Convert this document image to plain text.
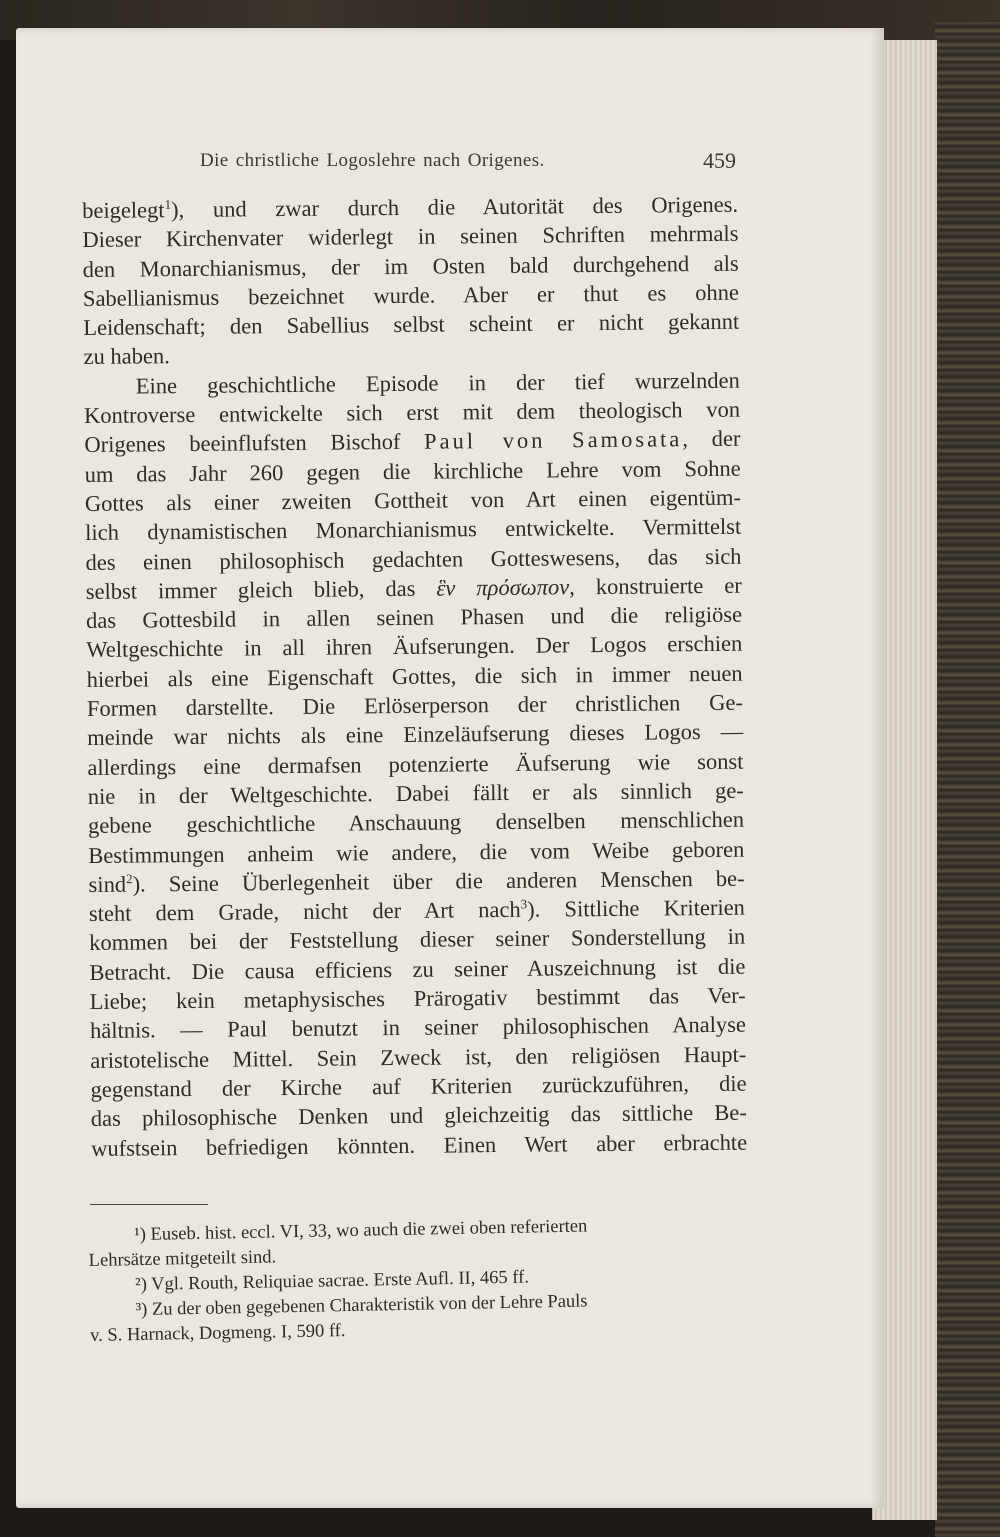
Die christliche Logoslehre nach Origenes.	459
beigelegt$^1$), und zwar durch die Autorität des Origenes.
Dieser Kirchenvater widerlegt in seinen Schriften mehrmals
den Monarchianismus, der im Osten bald durchgehend als
Sabellianismus bezeichnet wurde. Aber er thut es ohne
Leidenschaft; den Sabellius selbst scheint er nicht gekannt
zu haben.
Eine geschichtliche Episode in der tief wurzelnden
Kontroverse entwickelte sich erst mit dem theologisch von
Origenes beeinflufsten Bischof Paul von Samosata, der
um das Jahr 260 gegen die kirchliche Lehre vom Sohne
Gottes als einer zweiten Gottheit von Art einen eigentüm-
lich dynamistischen Monarchianismus entwickelte. Vermittelst
des einen philosophisch gedachten Gotteswesens, das sich
selbst immer gleich blieb, das ἓν πρόσωπον, konstruierte er
das Gottesbild in allen seinen Phasen und die religiöse
Weltgeschichte in all ihren Äufserungen. Der Logos erschien
hierbei als eine Eigenschaft Gottes, die sich in immer neuen
Formen darstellte. Die Erlöserperson der christlichen Ge-
meinde war nichts als eine Einzeläufserung dieses Logos —
allerdings eine dermafsen potenzierte Äufserung wie sonst
nie in der Weltgeschichte. Dabei fällt er als sinnlich ge-
gebene geschichtliche Anschauung denselben menschlichen
Bestimmungen anheim wie andere, die vom Weibe geboren
sind$^2$). Seine Überlegenheit über die anderen Menschen be-
steht dem Grade, nicht der Art nach$^3$). Sittliche Kriterien
kommen bei der Feststellung dieser seiner Sonderstellung in
Betracht. Die causa efficiens zu seiner Auszeichnung ist die
Liebe; kein metaphysisches Prärogativ bestimmt das Ver-
hältnis. — Paul benutzt in seiner philosophischen Analyse
aristotelische Mittel. Sein Zweck ist, den religiösen Haupt-
gegenstand der Kirche auf Kriterien zurückzuführen, die
das philosophische Denken und gleichzeitig das sittliche Be-
wufstsein befriedigen könnten. Einen Wert aber erbrachte
¹) Euseb. hist. eccl. VI, 33, wo auch die zwei oben referierten
Lehrsätze mitgeteilt sind.
²) Vgl. Routh, Reliquiae sacrae. Erste Aufl. II, 465 ff.
³) Zu der oben gegebenen Charakteristik von der Lehre Pauls
v. S. Harnack, Dogmeng. I, 590 ff.
